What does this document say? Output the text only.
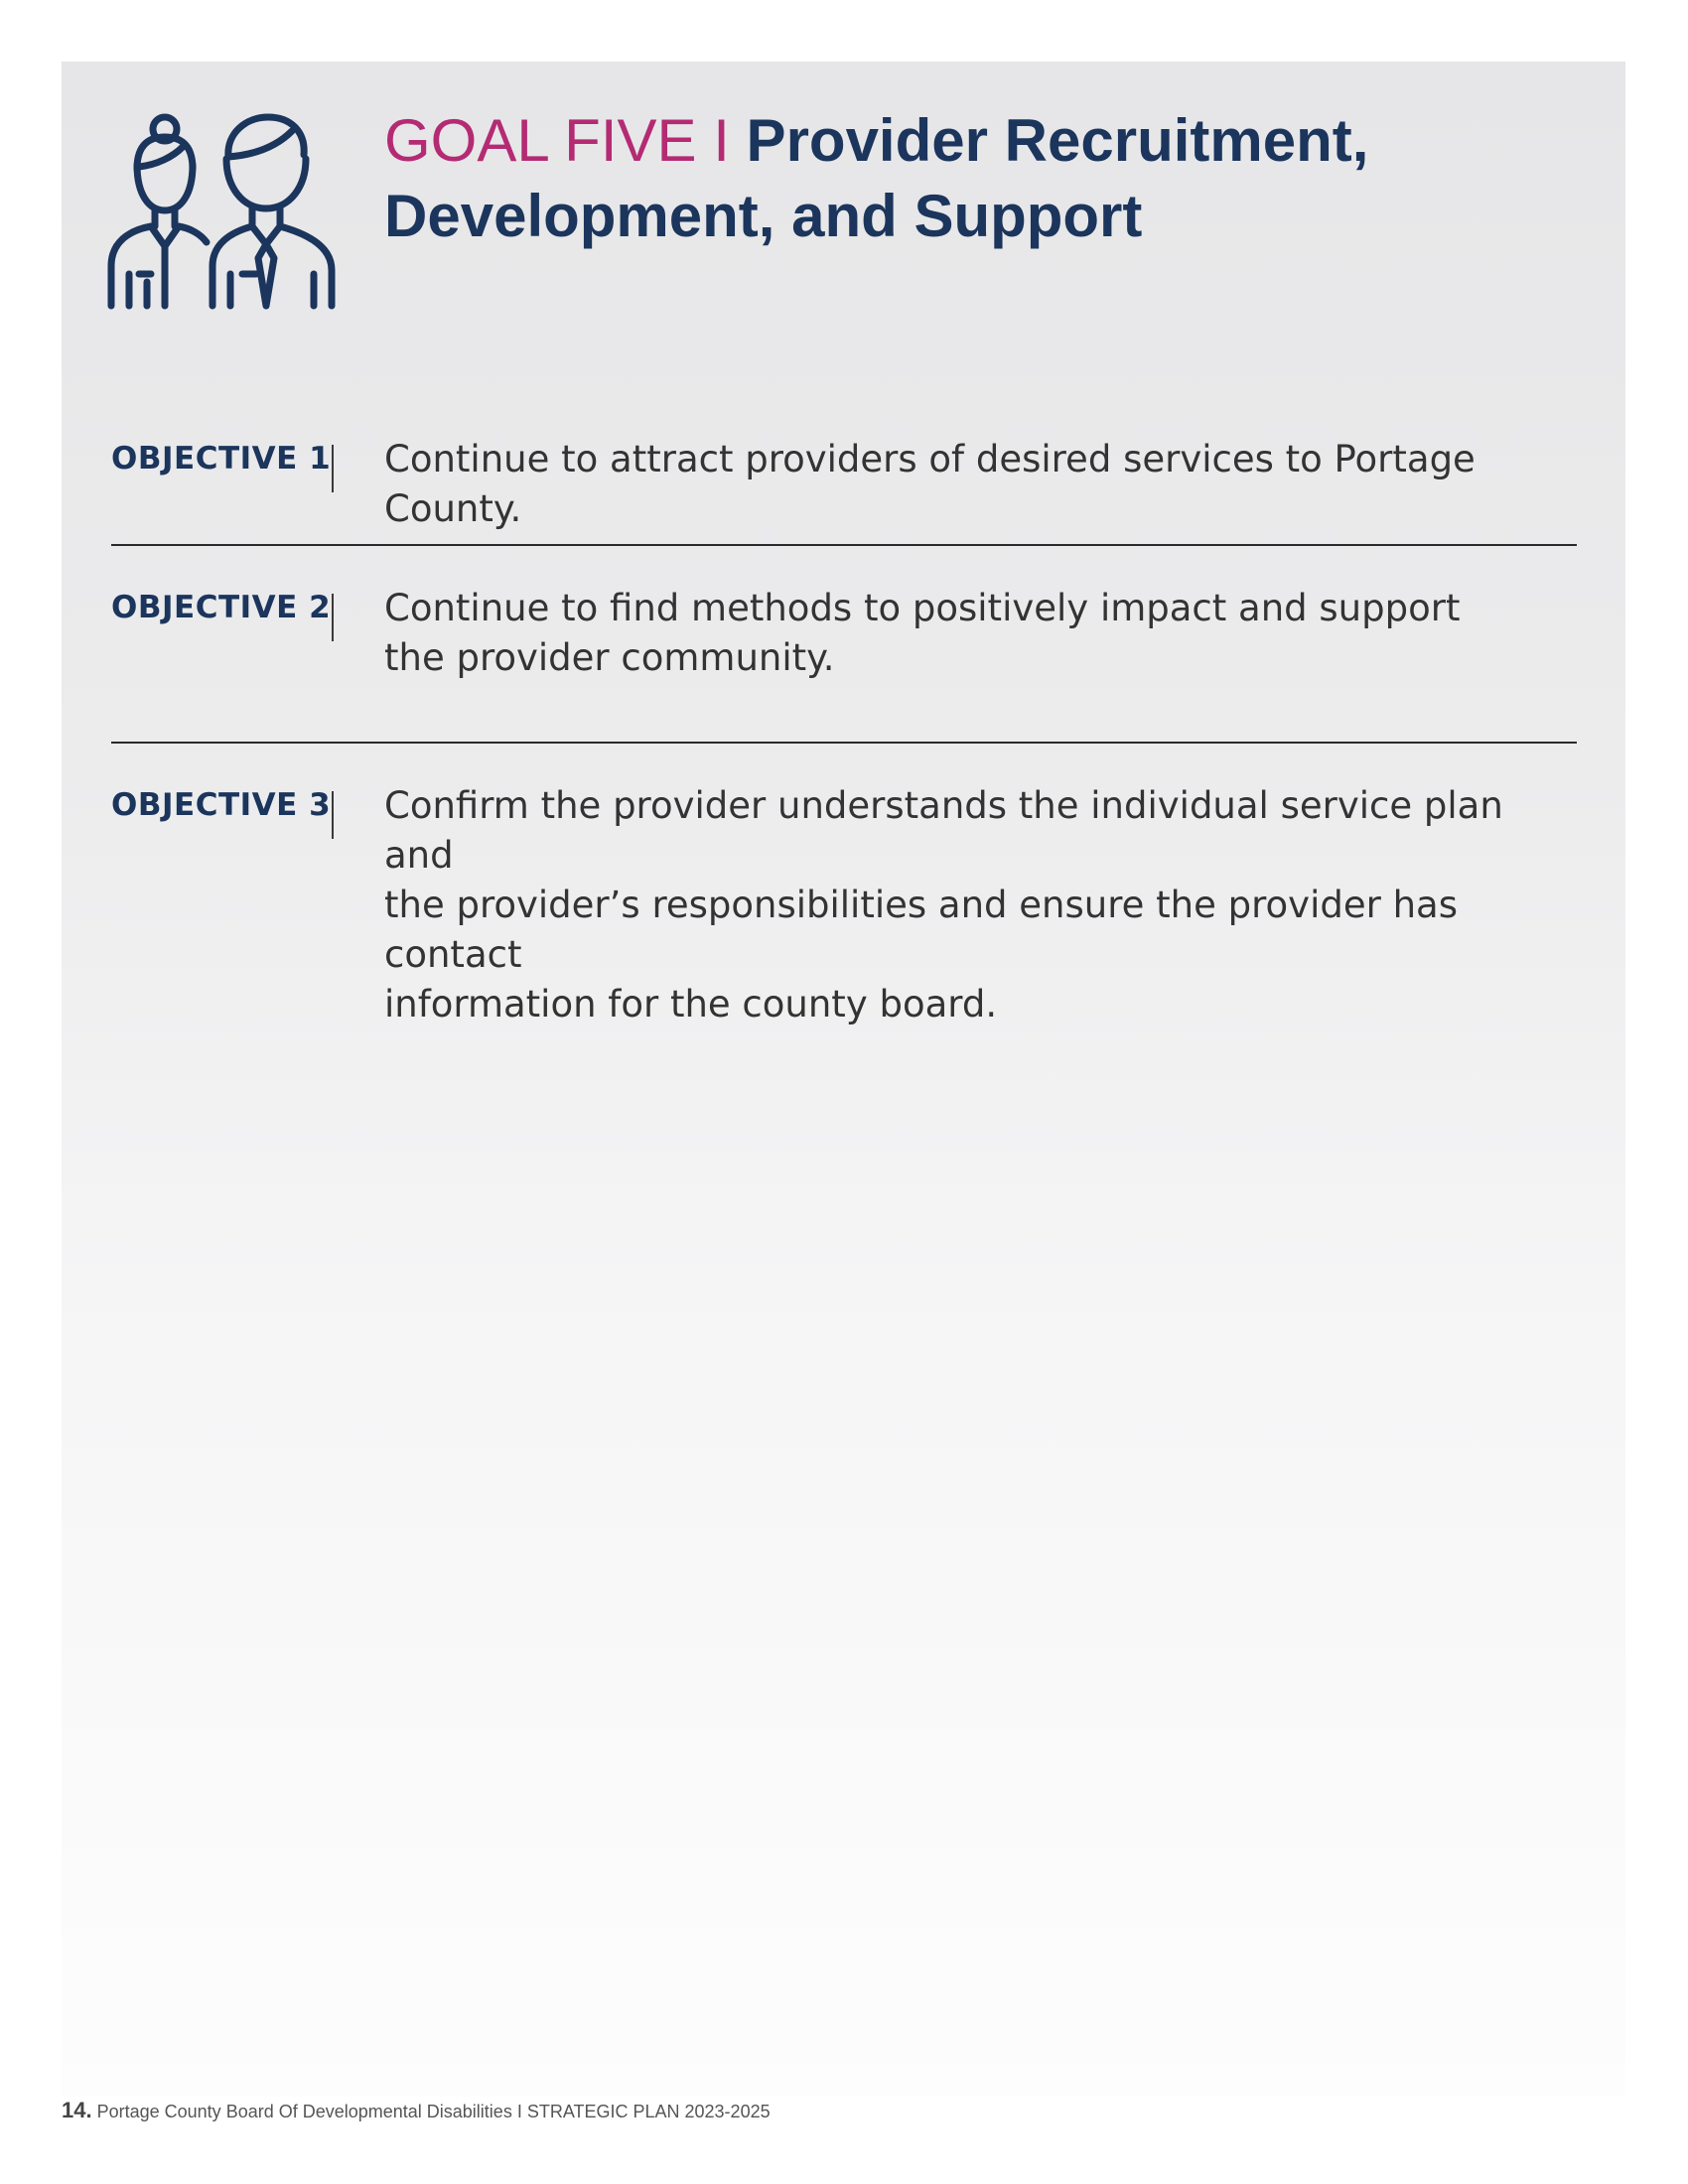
GOAL FIVE I Provider Recruitment, Development, and Support
OBJECTIVE 1 Continue to attract providers of desired services to Portage County.
OBJECTIVE 2 Continue to find methods to positively impact and support
the provider community.
OBJECTIVE 3 Confirm the provider understands the individual service plan and
the provider’s responsibilities and ensure the provider has contact
information for the county board.
14. Portage County Board Of Developmental Disabilities I STRATEGIC PLAN 2023-2025
